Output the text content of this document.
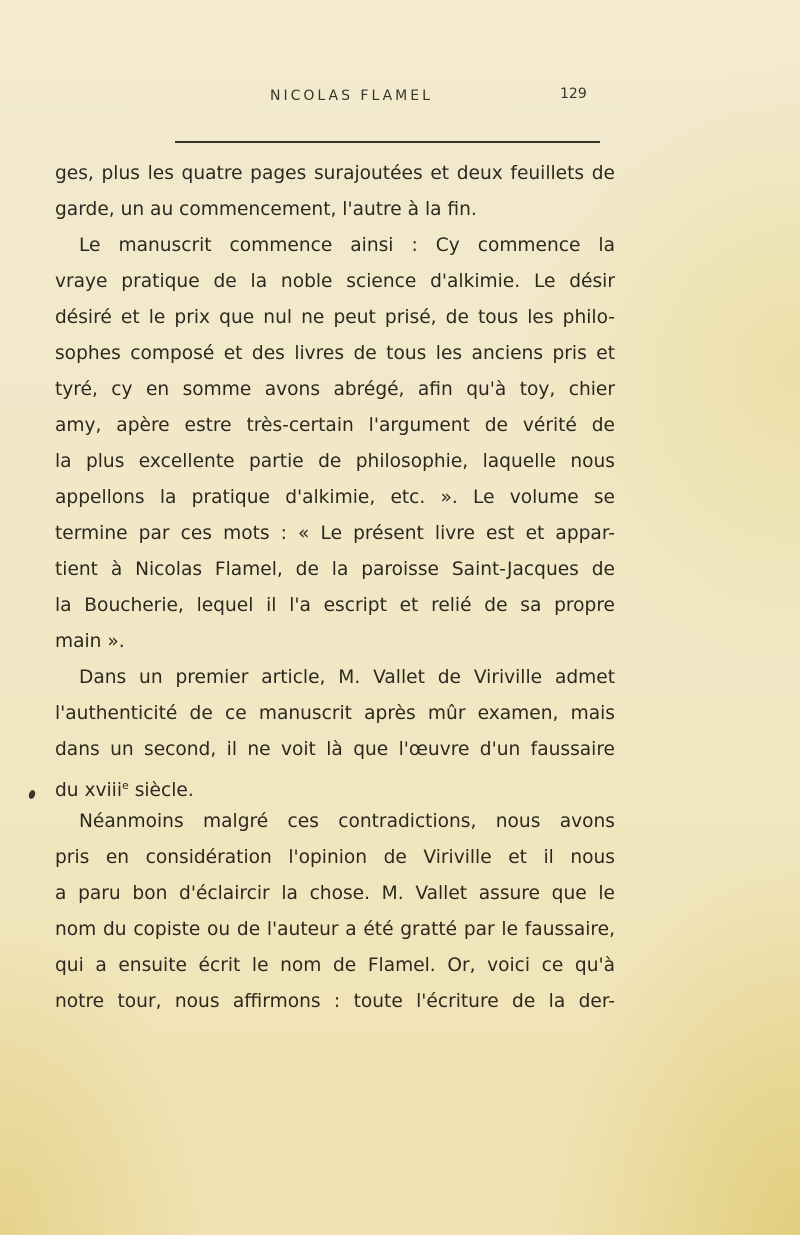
NICOLAS FLAMEL	129
ges, plus les quatre pages surajoutées et deux feuillets de
garde, un au commencement, l'autre à la fin.
Le manuscrit commence ainsi : Cy commence la
vraye pratique de la noble science d'alkimie. Le désir
désiré et le prix que nul ne peut prisé, de tous les philo-
sophes composé et des livres de tous les anciens pris et
tyré, cy en somme avons abrégé, afin qu'à toy, chier
amy, apère estre très-certain l'argument de vérité de
la plus excellente partie de philosophie, laquelle nous
appellons la pratique d'alkimie, etc. ». Le volume se
termine par ces mots : « Le présent livre est et appar-
tient à Nicolas Flamel, de la paroisse Saint-Jacques de
la Boucherie, lequel il l'a escript et relié de sa propre
main ».
Dans un premier article, M. Vallet de Viriville admet
l'authenticité de ce manuscrit après mûr examen, mais
dans un second, il ne voit là que l'œuvre d'un faussaire
du xviii$^e$ siècle.
Néanmoins malgré ces contradictions, nous avons
pris en considération l'opinion de Viriville et il nous
a paru bon d'éclaircir la chose. M. Vallet assure que le
nom du copiste ou de l'auteur a été gratté par le faussaire,
qui a ensuite écrit le nom de Flamel. Or, voici ce qu'à
notre tour, nous affirmons : toute l'écriture de la der-
